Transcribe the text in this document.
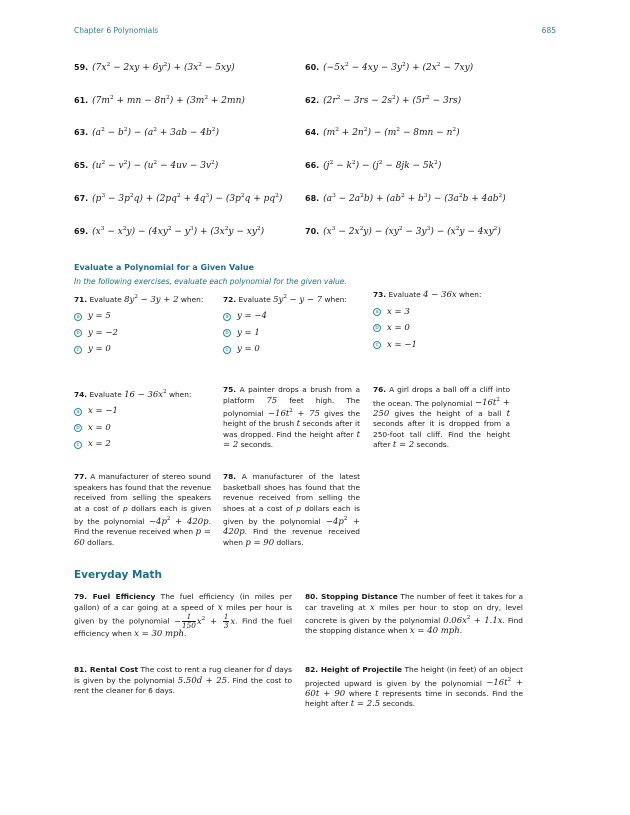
Chapter 6 Polynomials	685
59. $(7x^2 - 2xy + 6y^2) + (3x^2 - 5xy)$	60. $(-5x^2 - 4xy - 3y^2) + (2x^2 - 7xy)$
61. ($7m^2$ + mn − $8n^2) + (3m^2 + 2mn)$	62. $(2r^2 - 3rs - 2s^2) + (5r^2 - 3rs)$
63. $(a^2 - b^2) - (a^2 + 3ab - 4b^2)$	64. $(m^2 + 2n^2) - (m^2 - 8mn - n^2)$
65. $(u^2 - v^2) - (u^2 - 4uv - 3v^2)$	66. $(j^2 - k^2) - (j^2 - 8jk - 5k^2)$
67. $(p^3 - 3p^2q) + (2pq^2 + 4q^3) - (3p^2q + pq^2)$	68. $(a^3 - 2a^2b) + (ab^2 + b^3) - (3a^2b + 4ab^2)$
69. $(x^3 - x^2y) - (4xy^2 - y^3) + (3x^2y - xy^2)$	70. $(x^3 - 2x^2y) - (xy^2 - 3y^3) - (x^2y - 4xy^2)$
Evaluate a Polynomial for a Given Value
In the following exercises, evaluate each polynomial for the given value.
71. Evaluate $8y^2 - 3y + 2$ when:
a y = 5
b y = −2
c y = 0
72. Evaluate $5y^2 - y - 7$ when:
a y = −4
b y = 1
c y = 0
73. Evaluate 4 − 36x when:
a x = 3
b x = 0
c x = −1
74. Evaluate $16 - 36x^2$ when:
a x = −1
b x = 0
c x = 2
75. A painter drops a brush from a platform 75 feet high. The polynomial $-16t^2 + 75$ gives the height of the brush t seconds after it was dropped. Find the height after t = 2 seconds.
76. A girl drops a ball off a cliff into the ocean. The polynomial $-16t^2 + 250$ gives the height of a ball t seconds after it is dropped from a 250-foot tall cliff. Find the height after t = 2 seconds.
77. A manufacturer of stereo sound speakers has found that the revenue received from selling the speakers at a cost of p dollars each is given by the polynomial $-4p^2 + 420p$. Find the revenue received when p = 60 dollars.
78. A manufacturer of the latest basketball shoes has found that the revenue received from selling the shoes at a cost of p dollars each is given by the polynomial $-4p^2 + 420p$. Find the revenue received when p = 90 dollars.
Everyday Math
79. Fuel Efficiency The fuel efficiency (in miles per gallon) of a car going at a speed of x miles per hour is given by the polynomial − $\frac{1}{150} x^2 + \frac{1}{3} x$. Find the fuel efficiency when x = 30 mph.
80. Stopping Distance The number of feet it takes for a car traveling at x miles per hour to stop on dry, level concrete is given by the polynomial $0.06x^2 + 1.1x$. Find the stopping distance when x = 40 mph.
81. Rental Cost The cost to rent a rug cleaner for d days is given by the polynomial 5.50d + 25. Find the cost to rent the cleaner for 6 days.
82. Height of Projectile The height (in feet) of an object projected upward is given by the polynomial $-16t^2 + 60t + 90$ where t represents time in seconds. Find the height after t = 2.5 seconds.
